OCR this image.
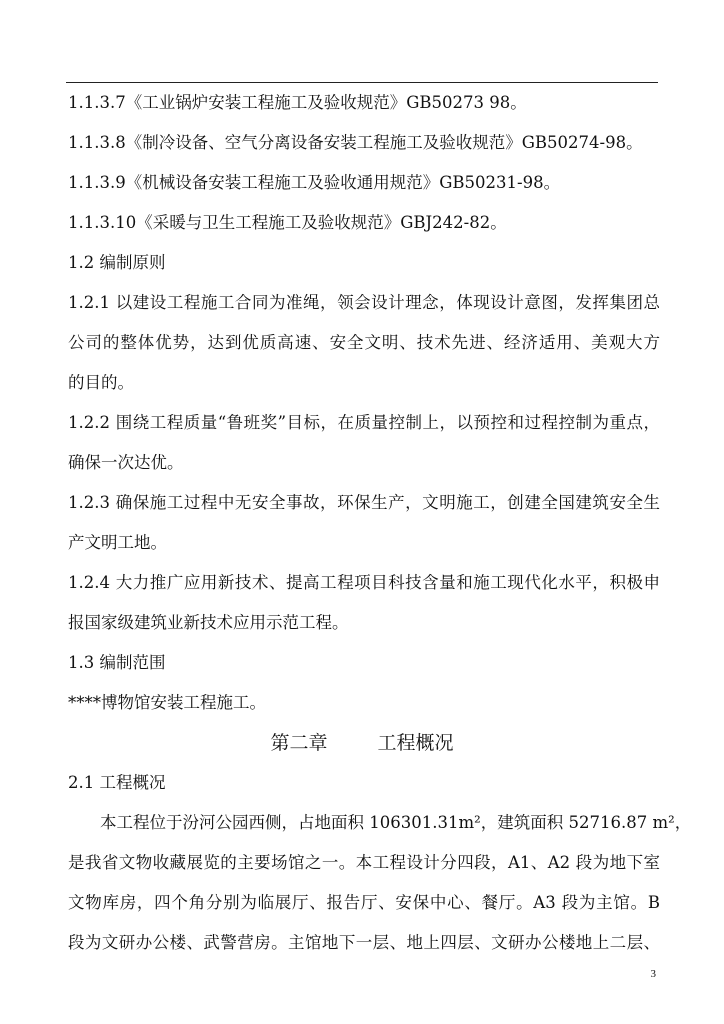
1.1.3.7《工业锅炉安装工程施工及验收规范》GB50273 98。
1.1.3.8《制冷设备、空气分离设备安装工程施工及验收规范》GB50274-98。
1.1.3.9《机械设备安装工程施工及验收通用规范》GB50231-98。
1.1.3.10《采暖与卫生工程施工及验收规范》GBJ242-82。
1.2 编制原则
1.2.1 以建设工程施工合同为准绳，领会设计理念，体现设计意图，发挥集团总
公司的整体优势，达到优质高速、安全文明、技术先进、经济适用、美观大方
的目的。
1.2.2 围绕工程质量“鲁班奖”目标，在质量控制上，以预控和过程控制为重点，
确保一次达优。
1.2.3 确保施工过程中无安全事故，环保生产，文明施工，创建全国建筑安全生
产文明工地。
1.2.4 大力推广应用新技术、提高工程项目科技含量和施工现代化水平，积极申
报国家级建筑业新技术应用示范工程。
1.3 编制范围
****博物馆安装工程施工。
第二章	工程概况
2.1 工程概况
本工程位于汾河公园西侧，占地面积 106301.31m²，建筑面积 52716.87 m²，
是我省文物收藏展览的主要场馆之一。本工程设计分四段，A1、A2 段为地下室
文物库房，四个角分别为临展厅、报告厅、安保中心、餐厅。A3 段为主馆。B
段为文研办公楼、武警营房。主馆地下一层、地上四层、文研办公楼地上二层、
3
